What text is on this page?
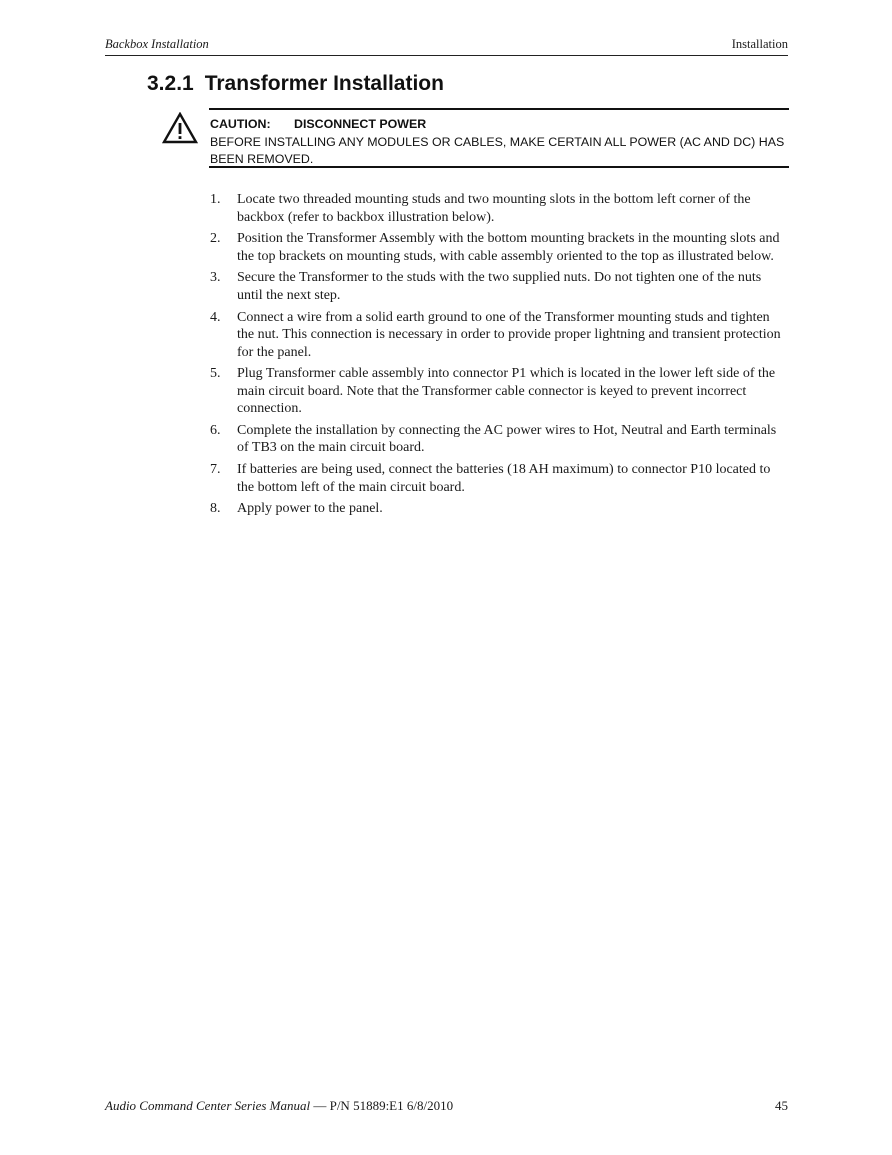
Backbox Installation	Installation
3.2.1 Transformer Installation
CAUTION: DISCONNECT POWER
BEFORE INSTALLING ANY MODULES OR CABLES, MAKE CERTAIN ALL POWER (AC AND DC) HAS BEEN REMOVED.
1. Locate two threaded mounting studs and two mounting slots in the bottom left corner of the backbox (refer to backbox illustration below).
2. Position the Transformer Assembly with the bottom mounting brackets in the mounting slots and the top brackets on mounting studs, with cable assembly oriented to the top as illustrated below.
3. Secure the Transformer to the studs with the two supplied nuts. Do not tighten one of the nuts until the next step.
4. Connect a wire from a solid earth ground to one of the Transformer mounting studs and tighten the nut. This connection is necessary in order to provide proper lightning and transient protection for the panel.
5. Plug Transformer cable assembly into connector P1 which is located in the lower left side of the main circuit board. Note that the Transformer cable connector is keyed to prevent incorrect connection.
6. Complete the installation by connecting the AC power wires to Hot, Neutral and Earth terminals of TB3 on the main circuit board.
7. If batteries are being used, connect the batteries (18 AH maximum) to connector P10 located to the bottom left of the main circuit board.
8. Apply power to the panel.
Audio Command Center Series Manual — P/N 51889:E1 6/8/2010	45
